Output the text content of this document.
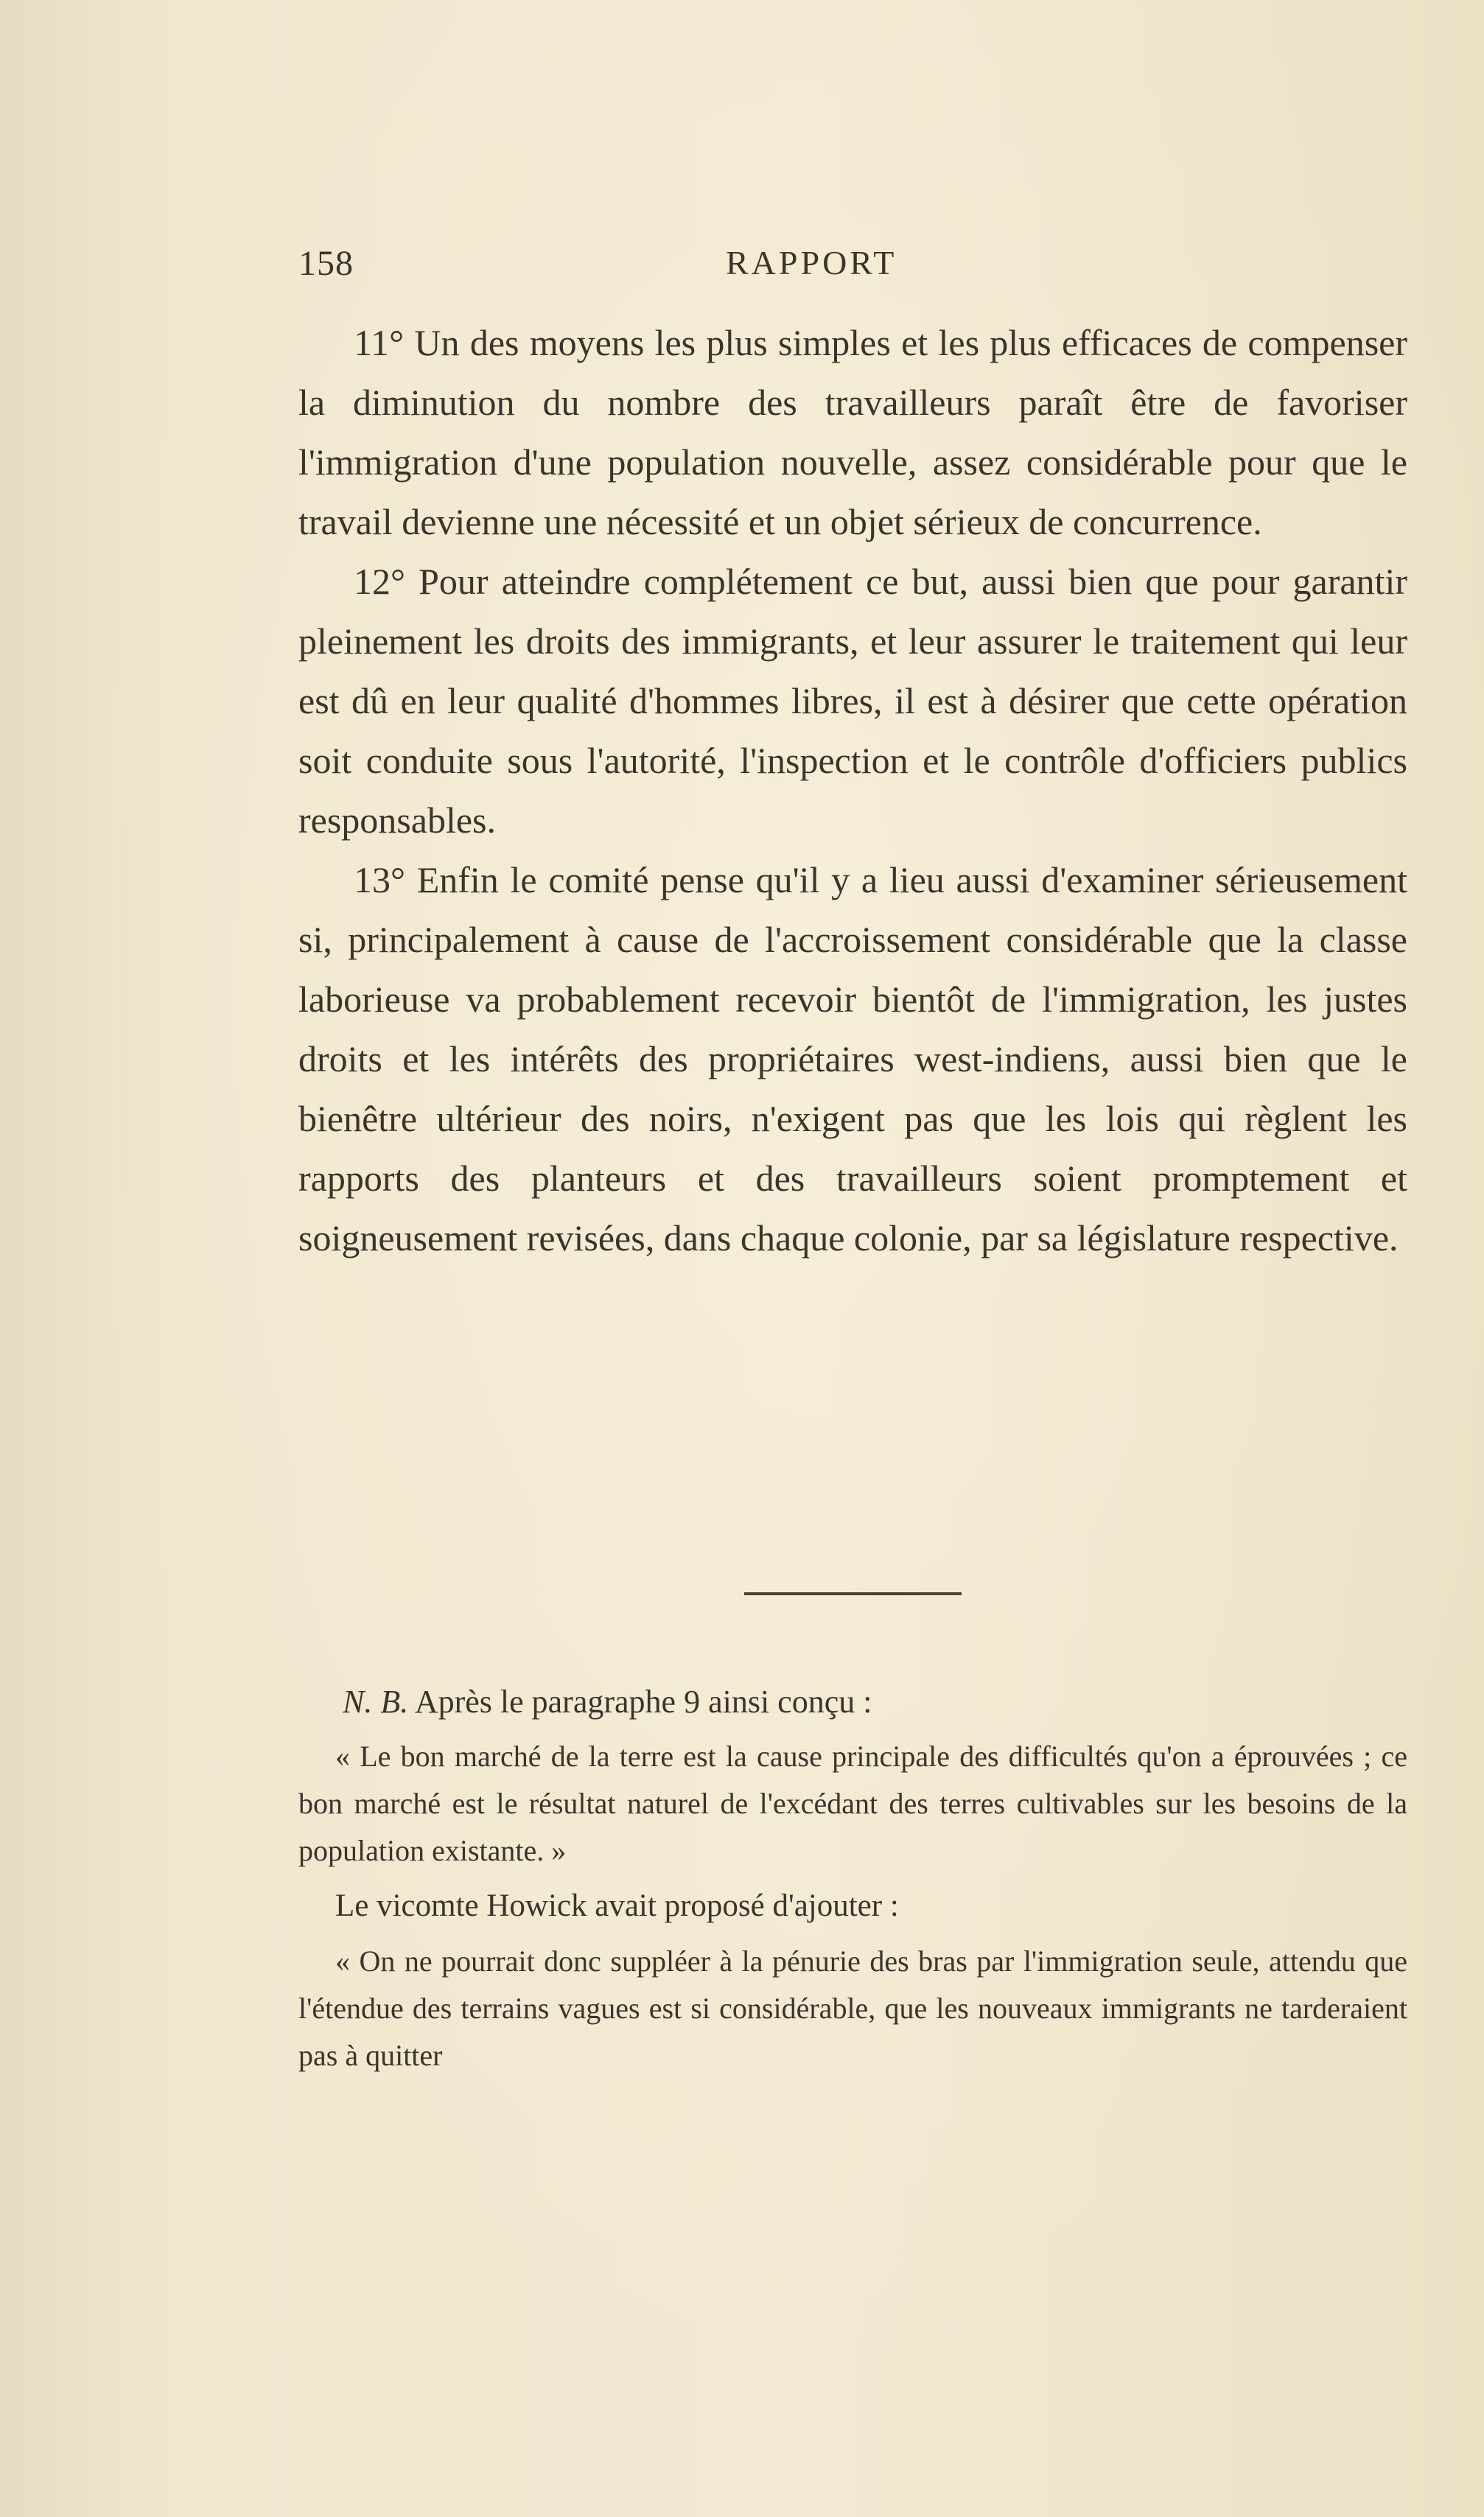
158	RAPPORT

11° Un des moyens les plus simples et les plus efficaces de compenser la diminution du nombre des travailleurs paraît être de favoriser l'immigration d'une population nouvelle, assez considérable pour que le travail devienne une nécessité et un objet sérieux de concurrence.

12° Pour atteindre complétement ce but, aussi bien que pour garantir pleinement les droits des immigrants, et leur assurer le traitement qui leur est dû en leur qualité d'hommes libres, il est à désirer que cette opération soit conduite sous l'autorité, l'inspection et le contrôle d'officiers publics responsables.

13° Enfin le comité pense qu'il y a lieu aussi d'examiner sérieusement si, principalement à cause de l'accroissement considérable que la classe laborieuse va probablement recevoir bientôt de l'immigration, les justes droits et les intérêts des propriétaires west-indiens, aussi bien que le bienêtre ultérieur des noirs, n'exigent pas que les lois qui règlent les rapports des planteurs et des travailleurs soient promptement et soigneusement revisées, dans chaque colonie, par sa législature respective.

N. B. Après le paragraphe 9 ainsi conçu :

« Le bon marché de la terre est la cause principale des difficultés qu'on a éprouvées ; ce bon marché est le résultat naturel de l'excédant des terres cultivables sur les besoins de la population existante. »

Le vicomte Howick avait proposé d'ajouter :

« On ne pourrait donc suppléer à la pénurie des bras par l'immigration seule, attendu que l'étendue des terrains vagues est si considérable, que les nouveaux immigrants ne tarderaient pas à quitter
